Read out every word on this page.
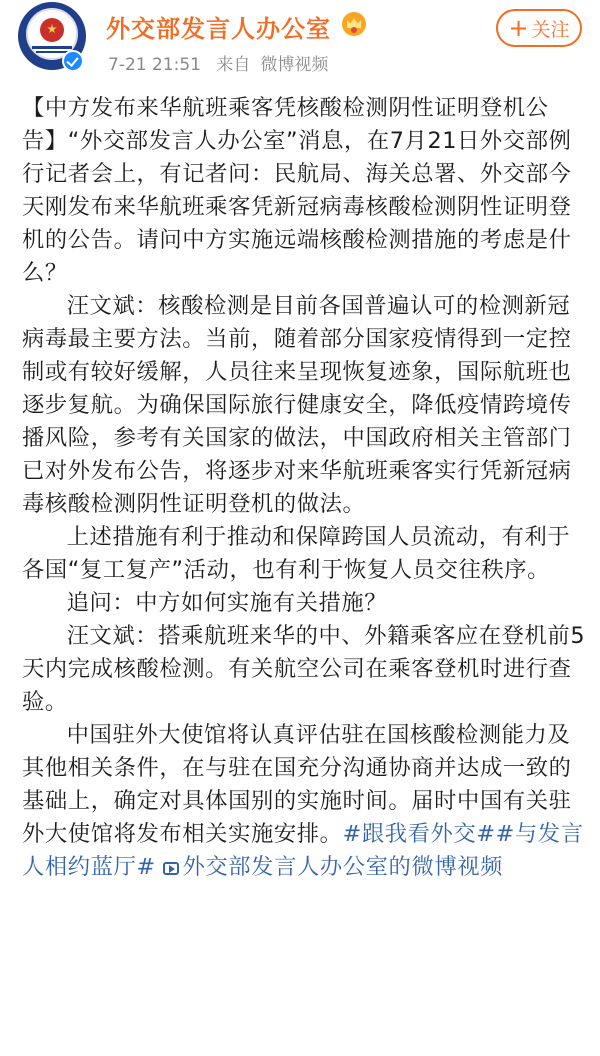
外交部发言人办公室
7-21 21:51 来自 微博视频
+ 关注

【中方发布来华航班乘客凭核酸检测阴性证明登机公告】“外交部发言人办公室”消息，在7月21日外交部例行记者会上，有记者问：民航局、海关总署、外交部今天刚发布来华航班乘客凭新冠病毒核酸检测阴性证明登机的公告。请问中方实施远端核酸检测措施的考虑是什么？

汪文斌：核酸检测是目前各国普遍认可的检测新冠病毒最主要方法。当前，随着部分国家疫情得到一定控制或有较好缓解，人员往来呈现恢复迹象，国际航班也逐步复航。为确保国际旅行健康安全，降低疫情跨境传播风险，参考有关国家的做法，中国政府相关主管部门已对外发布公告，将逐步对来华航班乘客实行凭新冠病毒核酸检测阴性证明登机的做法。

上述措施有利于推动和保障跨国人员流动，有利于各国“复工复产”活动，也有利于恢复人员交往秩序。

追问：中方如何实施有关措施？

汪文斌：搭乘航班来华的中、外籍乘客应在登机前5天内完成核酸检测。有关航空公司在乘客登机时进行查验。

中国驻外大使馆将认真评估驻在国核酸检测能力及其他相关条件，在与驻在国充分沟通协商并达成一致的基础上，确定对具体国别的实施时间。届时中国有关驻外大使馆将发布相关实施安排。#跟我看外交##与发言人相约蓝厅# 外交部发言人办公室的微博视频
